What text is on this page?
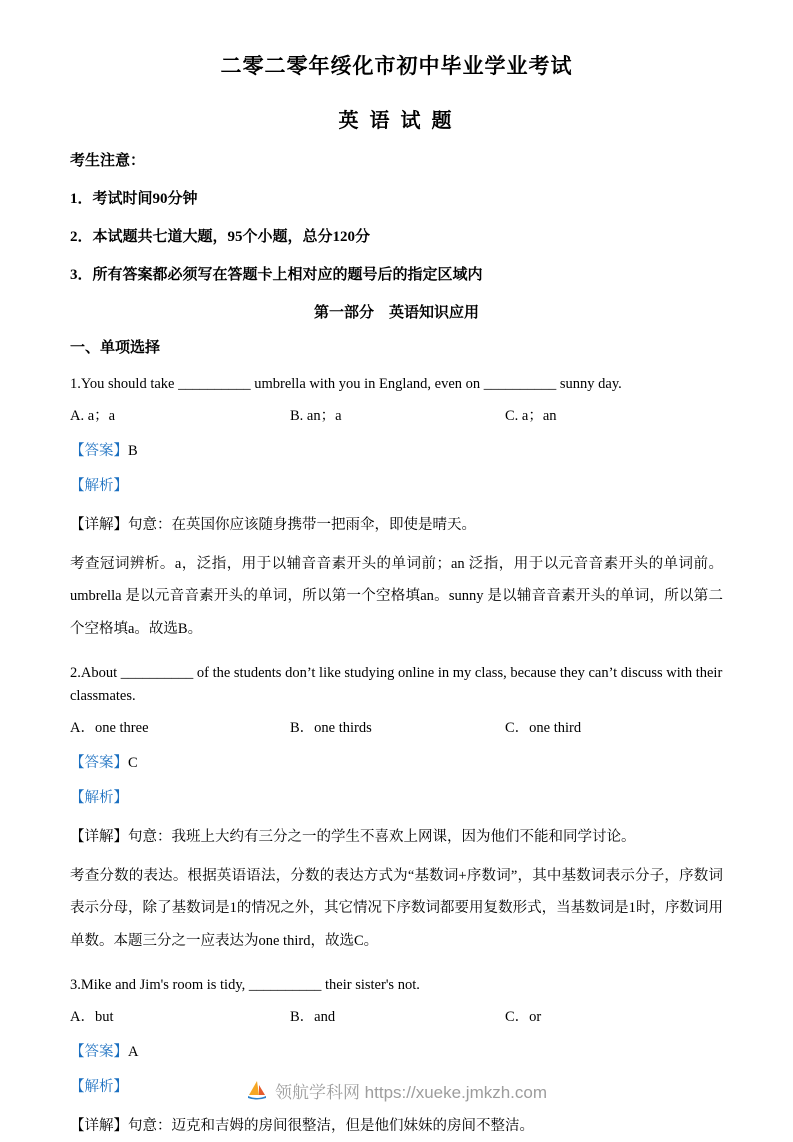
二零二零年绥化市初中毕业学业考试
英 语 试 题

考生注意：

1．考试时间90分钟

2．本试题共七道大题，95个小题，总分120分

3．所有答案都必须写在答题卡上相对应的题号后的指定区域内

第一部分　英语知识应用

一、单项选择

1.You should take __________ umbrella with you in England, even on __________ sunny day.

A. a；a	B. an；a	C. a；an

【答案】B

【解析】

【详解】句意：在英国你应该随身携带一把雨伞，即使是晴天。

考查冠词辨析。a，泛指，用于以辅音音素开头的单词前；an 泛指，用于以元音音素开头的单词前。umbrella 是以元音音素开头的单词，所以第一个空格填an。sunny 是以辅音音素开头的单词，所以第二个空格填a。故选B。

2.About __________ of the students don’t like studying online in my class, because they can’t discuss with their classmates.

A．one three	B．one thirds	C．one third

【答案】C

【解析】

【详解】句意：我班上大约有三分之一的学生不喜欢上网课，因为他们不能和同学讨论。

考查分数的表达。根据英语语法，分数的表达方式为“基数词+序数词”，其中基数词表示分子，序数词表示分母，除了基数词是1的情况之外，其它情况下序数词都要用复数形式，当基数词是1时，序数词用单数。本题三分之一应表达为one third，故选C。

3.Mike and Jim's room is tidy, __________ their sister's not.

A．but	B．and	C．or

【答案】A

【解析】

【详解】句意：迈克和吉姆的房间很整洁，但是他们妹妹的房间不整洁。

领航学科网 https://xueke.jmkzh.com
